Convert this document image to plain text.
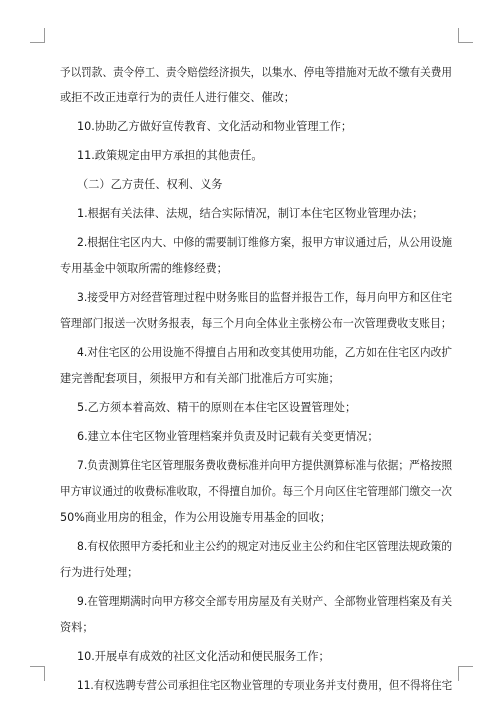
予以罚款、责令停工、责令赔偿经济损失，以集水、停电等措施对无故不缴有关费用
或拒不改正违章行为的责任人进行催交、催改；
10.协助乙方做好宣传教育、文化活动和物业管理工作；
11.政策规定由甲方承担的其他责任。
（二）乙方责任、权利、义务
1.根据有关法律、法规，结合实际情况，制订本住宅区物业管理办法；
2.根据住宅区内大、中修的需要制订维修方案，报甲方审议通过后，从公用设施
专用基金中领取所需的维修经费；
3.接受甲方对经营管理过程中财务账目的监督并报告工作，每月向甲方和区住宅
管理部门报送一次财务报表，每三个月向全体业主张榜公布一次管理费收支账目；
4.对住宅区的公用设施不得擅自占用和改变其使用功能，乙方如在住宅区内改扩
建完善配套项目，须报甲方和有关部门批准后方可实施；
5.乙方须本着高效、精干的原则在本住宅区设置管理处；
6.建立本住宅区物业管理档案并负责及时记载有关变更情况；
7.负责测算住宅区管理服务费收费标准并向甲方提供测算标准与依据；严格按照
甲方审议通过的收费标准收取，不得擅自加价。每三个月向区住宅管理部门缴交一次
50%商业用房的租金，作为公用设施专用基金的回收；
8.有权依照甲方委托和业主公约的规定对违反业主公约和住宅区管理法规政策的
行为进行处理；
9.在管理期满时向甲方移交全部专用房屋及有关财产、全部物业管理档案及有关
资料；
10.开展卓有成效的社区文化活动和便民服务工作；
11.有权选聘专营公司承担住宅区物业管理的专项业务并支付费用，但不得将住宅
